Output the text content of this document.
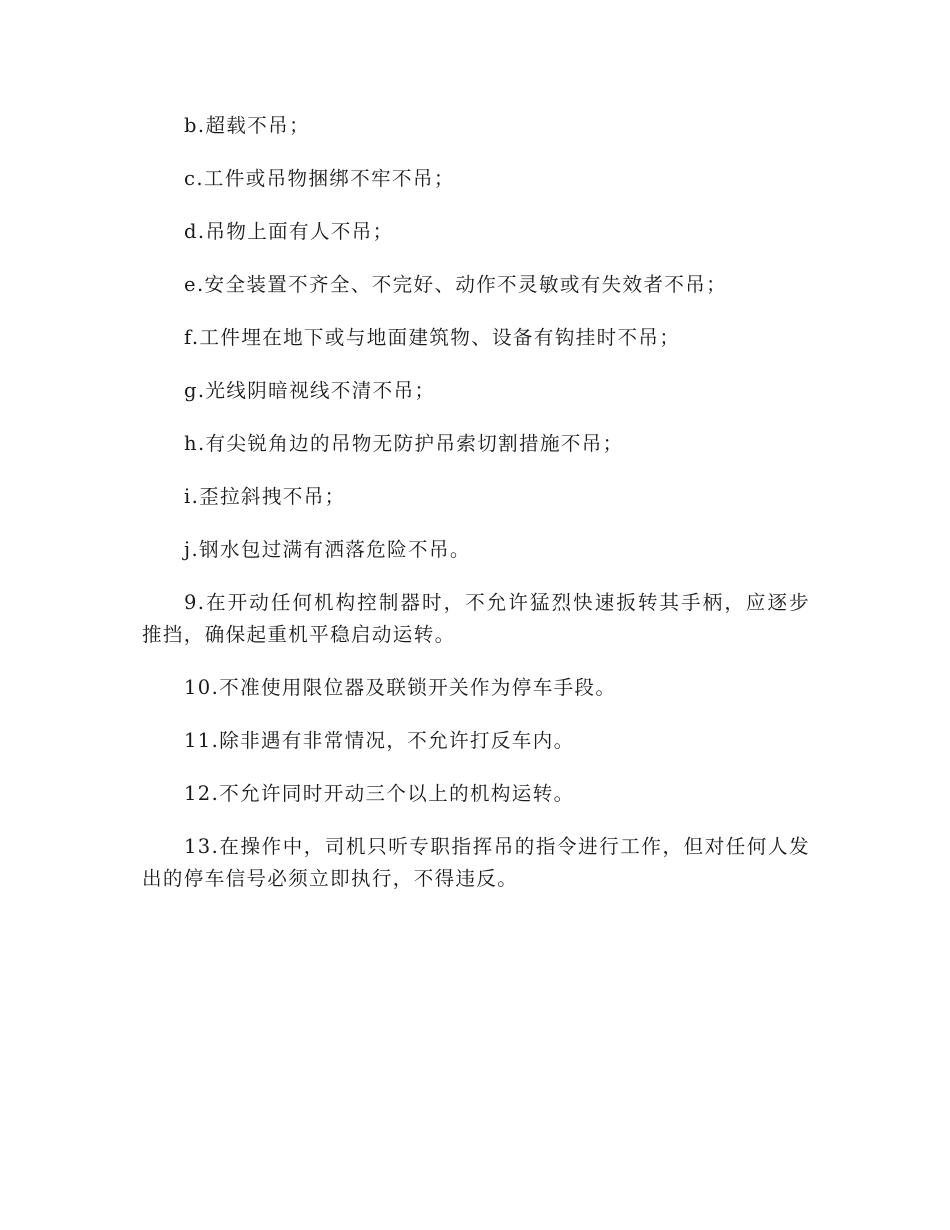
b.超载不吊；

c.工件或吊物捆绑不牢不吊；

d.吊物上面有人不吊；

e.安全装置不齐全、不完好、动作不灵敏或有失效者不吊；

f.工件埋在地下或与地面建筑物、设备有钩挂时不吊；

g.光线阴暗视线不清不吊；

h.有尖锐角边的吊物无防护吊索切割措施不吊；

i.歪拉斜拽不吊；

j.钢水包过满有洒落危险不吊。

9.在开动任何机构控制器时，不允许猛烈快速扳转其手柄，应逐步推挡，确保起重机平稳启动运转。

10.不准使用限位器及联锁开关作为停车手段。

11.除非遇有非常情况，不允许打反车内。

12.不允许同时开动三个以上的机构运转。

13.在操作中，司机只听专职指挥吊的指令进行工作，但对任何人发出的停车信号必须立即执行，不得违反。
